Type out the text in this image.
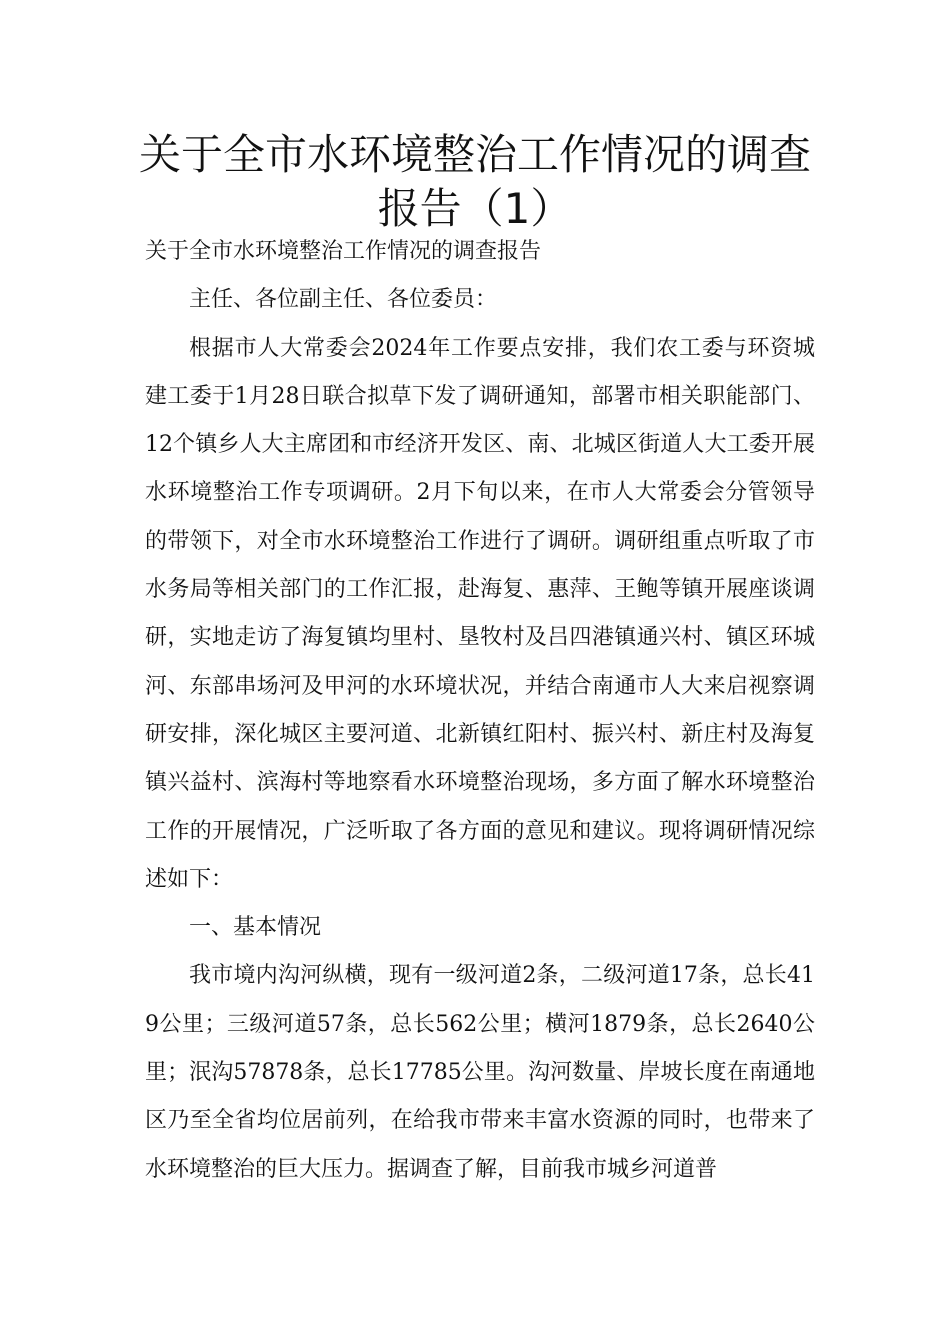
关于全市水环境整治工作情况的调查报告（1）

关于全市水环境整治工作情况的调查报告

主任、各位副主任、各位委员：

根据市人大常委会2024年工作要点安排，我们农工委与环资城建工委于1月28日联合拟草下发了调研通知，部署市相关职能部门、12个镇乡人大主席团和市经济开发区、南、北城区街道人大工委开展水环境整治工作专项调研。2月下旬以来，在市人大常委会分管领导的带领下，对全市水环境整治工作进行了调研。调研组重点听取了市水务局等相关部门的工作汇报，赴海复、惠萍、王鲍等镇开展座谈调研，实地走访了海复镇均里村、垦牧村及吕四港镇通兴村、镇区环城河、东部串场河及甲河的水环境状况，并结合南通市人大来启视察调研安排，深化城区主要河道、北新镇红阳村、振兴村、新庄村及海复镇兴益村、滨海村等地察看水环境整治现场，多方面了解水环境整治工作的开展情况，广泛听取了各方面的意见和建议。现将调研情况综述如下：

一、基本情况

我市境内沟河纵横，现有一级河道2条，二级河道17条，总长419公里；三级河道57条，总长562公里；横河1879条，总长2640公里；泯沟57878条，总长17785公里。沟河数量、岸坡长度在南通地区乃至全省均位居前列，在给我市带来丰富水资源的同时，也带来了水环境整治的巨大压力。据调查了解，目前我市城乡河道普
